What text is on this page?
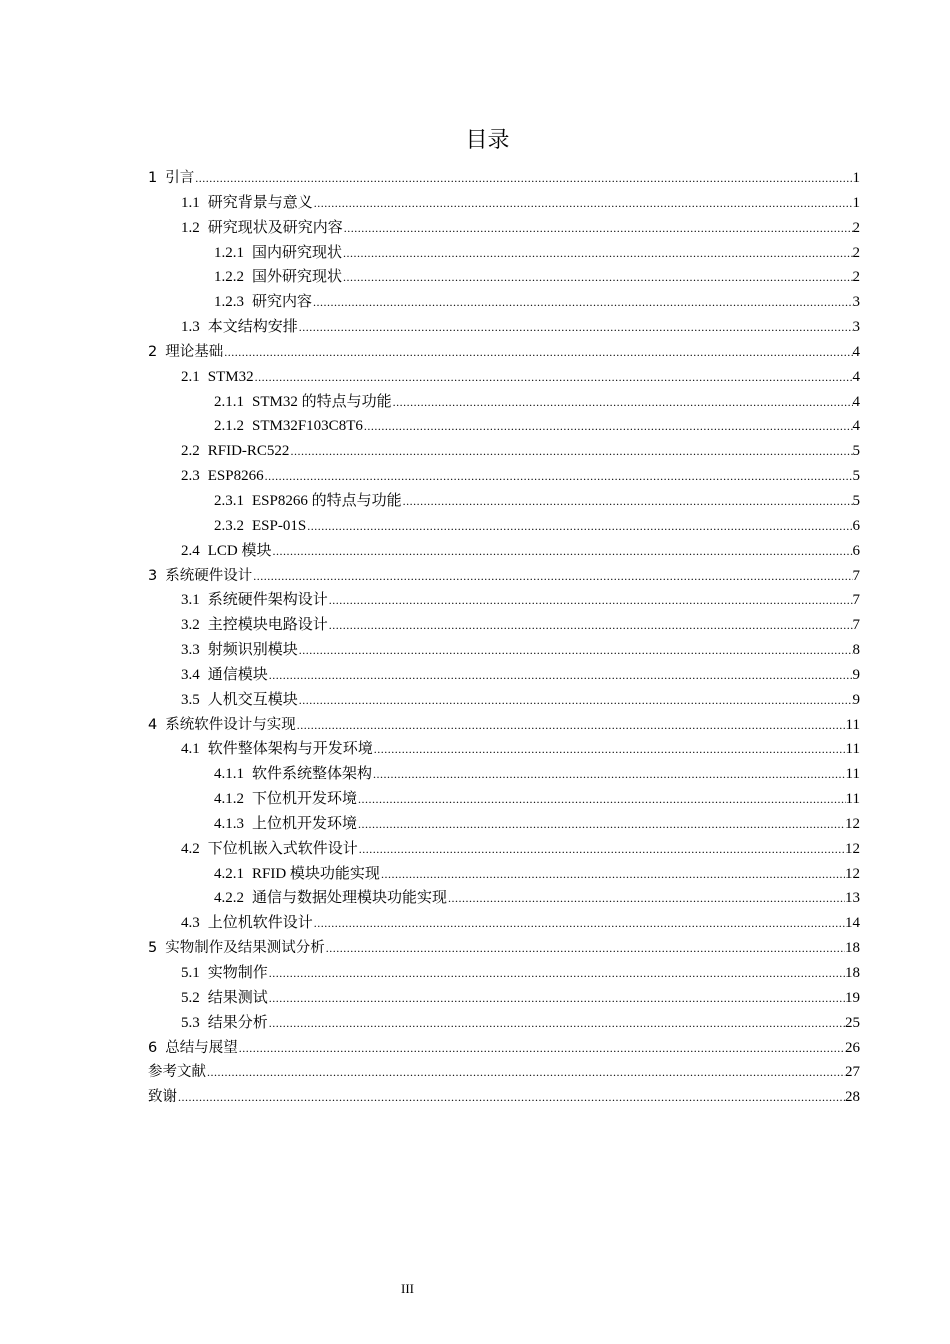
目录
1 引言 .....	1
1.1 研究背景与意义 .....	1
1.2 研究现状及研究内容 .....	2
1.2.1 国内研究现状 .....	2
1.2.2 国外研究现状 .....	2
1.2.3 研究内容 .....	3
1.3 本文结构安排 .....	3
2 理论基础 .....	4
2.1 STM32 .....	4
2.1.1 STM32 的特点与功能 .....	4
2.1.2 STM32F103C8T6 .....	4
2.2 RFID-RC522 .....	5
2.3 ESP8266 .....	5
2.3.1 ESP8266 的特点与功能 .....	5
2.3.2 ESP-01S .....	6
2.4 LCD 模块 .....	6
3 系统硬件设计 .....	7
3.1 系统硬件架构设计 .....	7
3.2 主控模块电路设计 .....	7
3.3 射频识别模块 .....	8
3.4 通信模块 .....	9
3.5 人机交互模块 .....	9
4 系统软件设计与实现 .....	11
4.1 软件整体架构与开发环境 .....	11
4.1.1 软件系统整体架构 .....	11
4.1.2 下位机开发环境 .....	11
4.1.3 上位机开发环境 .....	12
4.2 下位机嵌入式软件设计 .....	12
4.2.1 RFID 模块功能实现 .....	12
4.2.2 通信与数据处理模块功能实现 .....	13
4.3 上位机软件设计 .....	14
5 实物制作及结果测试分析 .....	18
5.1 实物制作 .....	18
5.2 结果测试 .....	19
5.3 结果分析 .....	25
6 总结与展望 .....	26
参考文献 .....	27
致谢 .....	28
III
